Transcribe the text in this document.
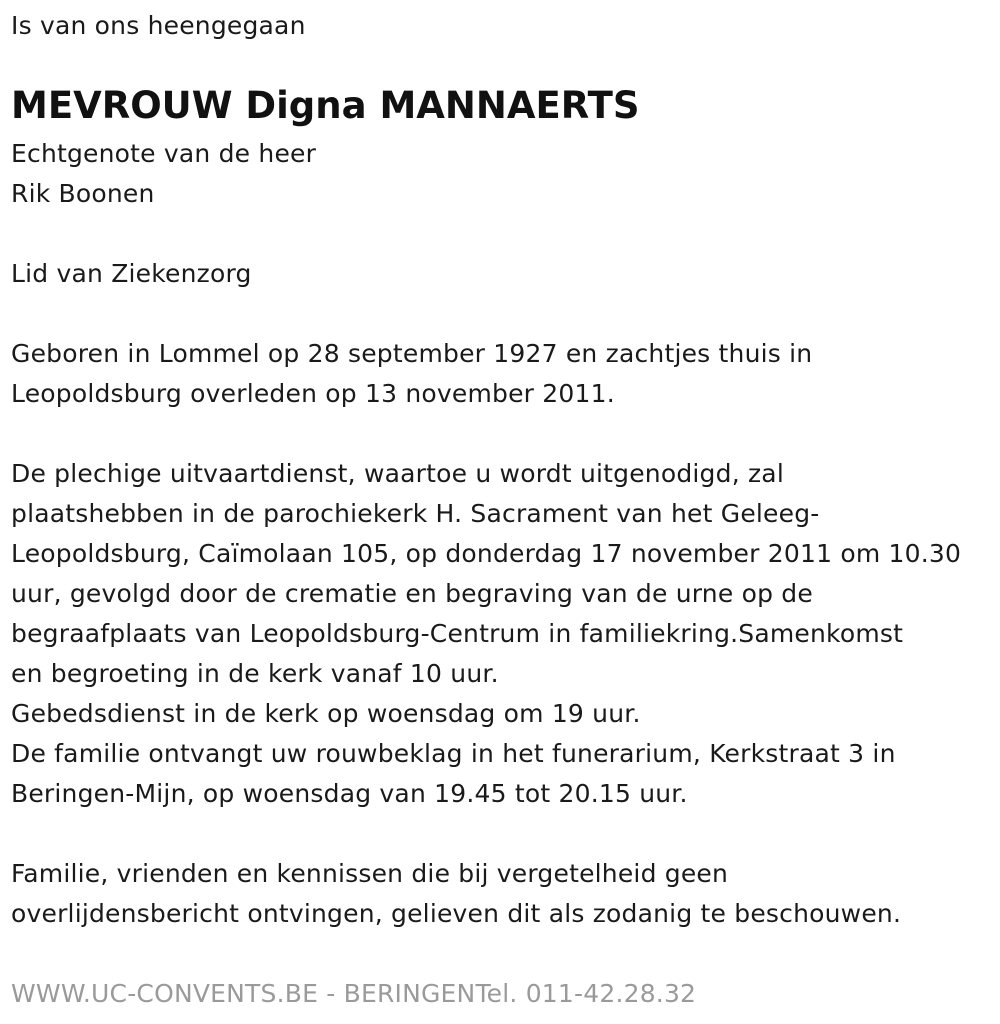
Is van ons heengegaan

MEVROUW Digna MANNAERTS

Echtgenote van de heer

Rik Boonen

Lid van Ziekenzorg

Geboren in Lommel op 28 september 1927 en zachtjes thuis in

Leopoldsburg overleden op 13 november 2011.

De plechige uitvaartdienst, waartoe u wordt uitgenodigd, zal

plaatshebben in de parochiekerk H. Sacrament van het Geleeg-

Leopoldsburg, Caïmolaan 105, op donderdag 17 november 2011 om 10.30

uur, gevolgd door de crematie en begraving van de urne op de

begraafplaats van Leopoldsburg-Centrum in familiekring.Samenkomst

en begroeting in de kerk vanaf 10 uur.

Gebedsdienst in de kerk op woensdag om 19 uur.

De familie ontvangt uw rouwbeklag in het funerarium, Kerkstraat 3 in

Beringen-Mijn, op woensdag van 19.45 tot 20.15 uur.

Familie, vrienden en kennissen die bij vergetelheid geen

overlijdensbericht ontvingen, gelieven dit als zodanig te beschouwen.

WWW.UC-CONVENTS.BE - BERINGENTel. 011-42.28.32
